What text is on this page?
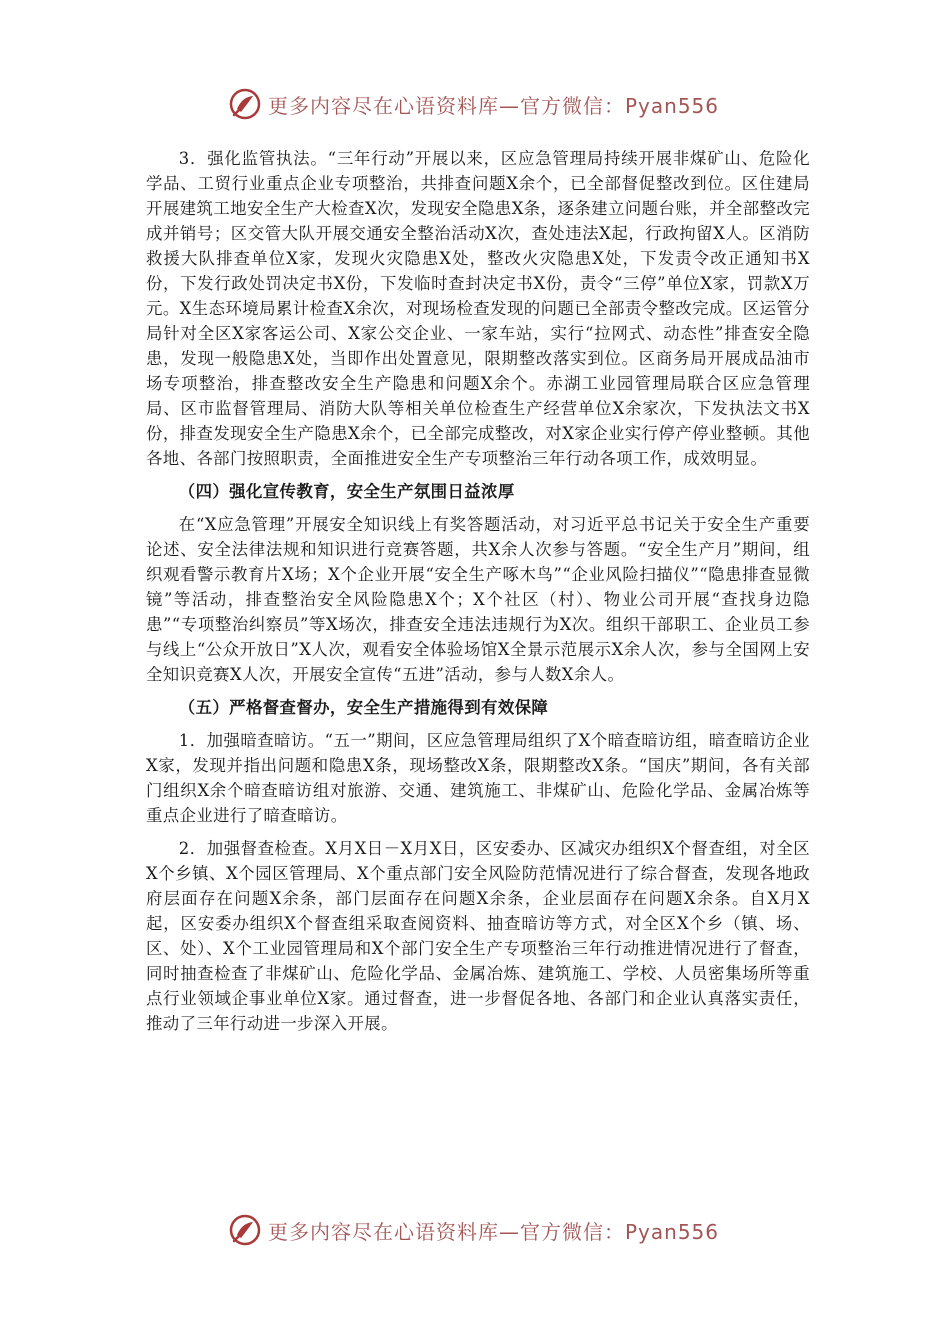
更多内容尽在心语资料库—官方微信：Pyan556

3．强化监管执法。“三年行动”开展以来，区应急管理局持续开展非煤矿山、危险化学品、工贸行业重点企业专项整治，共排查问题X余个，已全部督促整改到位。区住建局开展建筑工地安全生产大检查X次，发现安全隐患X条，逐条建立问题台账，并全部整改完成并销号；区交管大队开展交通安全整治活动X次，查处违法X起，行政拘留X人。区消防救援大队排查单位X家，发现火灾隐患X处，整改火灾隐患X处，下发责令改正通知书X份，下发行政处罚决定书X份，下发临时查封决定书X份，责令“三停”单位X家，罚款X万元。X生态环境局累计检查X余次，对现场检查发现的问题已全部责令整改完成。区运管分局针对全区X家客运公司、X家公交企业、一家车站，实行“拉网式、动态性”排查安全隐患，发现一般隐患X处，当即作出处置意见，限期整改落实到位。区商务局开展成品油市场专项整治，排查整改安全生产隐患和问题X余个。赤湖工业园管理局联合区应急管理局、区市监督管理局、消防大队等相关单位检查生产经营单位X余家次，下发执法文书X份，排查发现安全生产隐患X余个，已全部完成整改，对X家企业实行停产停业整顿。其他各地、各部门按照职责，全面推进安全生产专项整治三年行动各项工作，成效明显。

（四）强化宣传教育，安全生产氛围日益浓厚

在“X应急管理”开展安全知识线上有奖答题活动，对习近平总书记关于安全生产重要论述、安全法律法规和知识进行竞赛答题，共X余人次参与答题。“安全生产月”期间，组织观看警示教育片X场；X个企业开展“安全生产啄木鸟”“企业风险扫描仪”“隐患排查显微镜”等活动，排查整治安全风险隐患X个；X个社区（村）、物业公司开展“查找身边隐患”“专项整治纠察员”等X场次，排查安全违法违规行为X次。组织干部职工、企业员工参与线上“公众开放日”X人次，观看安全体验场馆X全景示范展示X余人次，参与全国网上安全知识竞赛X人次，开展安全宣传“五进”活动，参与人数X余人。

（五）严格督查督办，安全生产措施得到有效保障

1．加强暗查暗访。“五一”期间，区应急管理局组织了X个暗查暗访组，暗查暗访企业X家，发现并指出问题和隐患X条，现场整改X条，限期整改X条。“国庆”期间，各有关部门组织X余个暗查暗访组对旅游、交通、建筑施工、非煤矿山、危险化学品、金属冶炼等重点企业进行了暗查暗访。

2．加强督查检查。X月X日－X月X日，区安委办、区减灾办组织X个督查组，对全区X个乡镇、X个园区管理局、X个重点部门安全风险防范情况进行了综合督查，发现各地政府层面存在问题X余条，部门层面存在问题X余条，企业层面存在问题X余条。自X月X起，区安委办组织X个督查组采取查阅资料、抽查暗访等方式，对全区X个乡（镇、场、区、处）、X个工业园管理局和X个部门安全生产专项整治三年行动推进情况进行了督查，同时抽查检查了非煤矿山、危险化学品、金属冶炼、建筑施工、学校、人员密集场所等重点行业领域企事业单位X家。通过督查，进一步督促各地、各部门和企业认真落实责任，推动了三年行动进一步深入开展。

更多内容尽在心语资料库—官方微信：Pyan556
